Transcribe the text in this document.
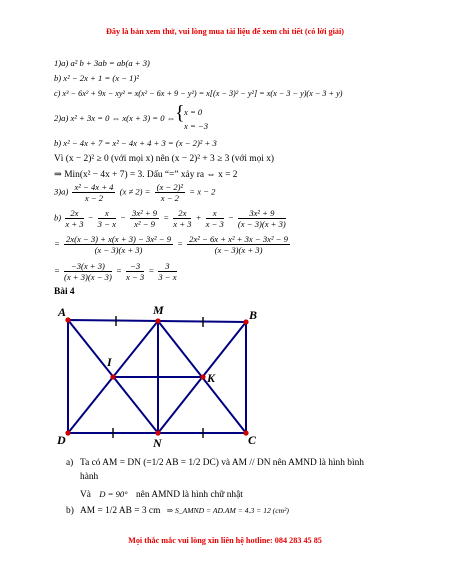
Đây là bản xem thử, vui lòng mua tài liệu để xem chi tiết (có lời giải)
1)a) a² b + 3ab = ab(a + 3)
b) x² − 2x + 1 = (x − 1)²
c) x³ − 6x² + 9x − xy² = x(x² − 6x + 9 − y²) = x[(x − 3)² − y²] = x(x − 3 − y)(x − 3 + y)
2)a) x² + 3x = 0 ⇔ x(x + 3) = 0 ⇔ { x = 0
x = −3
b) x² − 4x + 7 = x² − 4x + 4 + 3 = (x − 2)² + 3
Vì (x − 2)² ≥ 0 (với mọi x) nên (x − 2)² + 3 ≥ 3 (với mọi x)
⇒ Min(x² − 4x + 7) = 3. Dấu “=” xảy ra ⇔ x = 2
$3)a) \frac{\text{x² − 4x + 4}}{x - 2} (x \ne 2) = \frac{\text{(x − 2)²}}{x - 2} = x - 2$
$b) \frac{2x}{x + 3} - \frac{x}{3 - x} - \frac{\text{3x² + 9}}{\text{x² − 9}} = \frac{2x}{x + 3} + \frac{x}{x - 3} - \frac{\text{3x² + 9}}{(x - 3)(x + 3)}$
= $\frac{\text{2x(x − 3) + x(x + 3) − 3x² − 9}}{(x - 3)(x + 3)} = \frac{\text{2x² − 6x + x² + 3x − 3x² − 9}}{(x - 3)(x + 3)}$
= $\frac{-3(x + 3)}{(x + 3)(x - 3)} = \frac{-3}{x - 3} = \frac{3}{3 - x}$
Bài 4
A	M	B
I
K
D	N	C
a) Ta có AM = DN (=1/2 AB = 1/2 DC) và AM // DN nên AMND là hình bình
hành
Và D = 90° nên AMND là hình chữ nhật
b) AM = 1/2 AB = 3 cm ⇒ S_AMND = AD.AM = 4.3 = 12 (cm²)
Mọi thắc mắc vui lòng xin liên hệ hotline: 084 283 45 85
